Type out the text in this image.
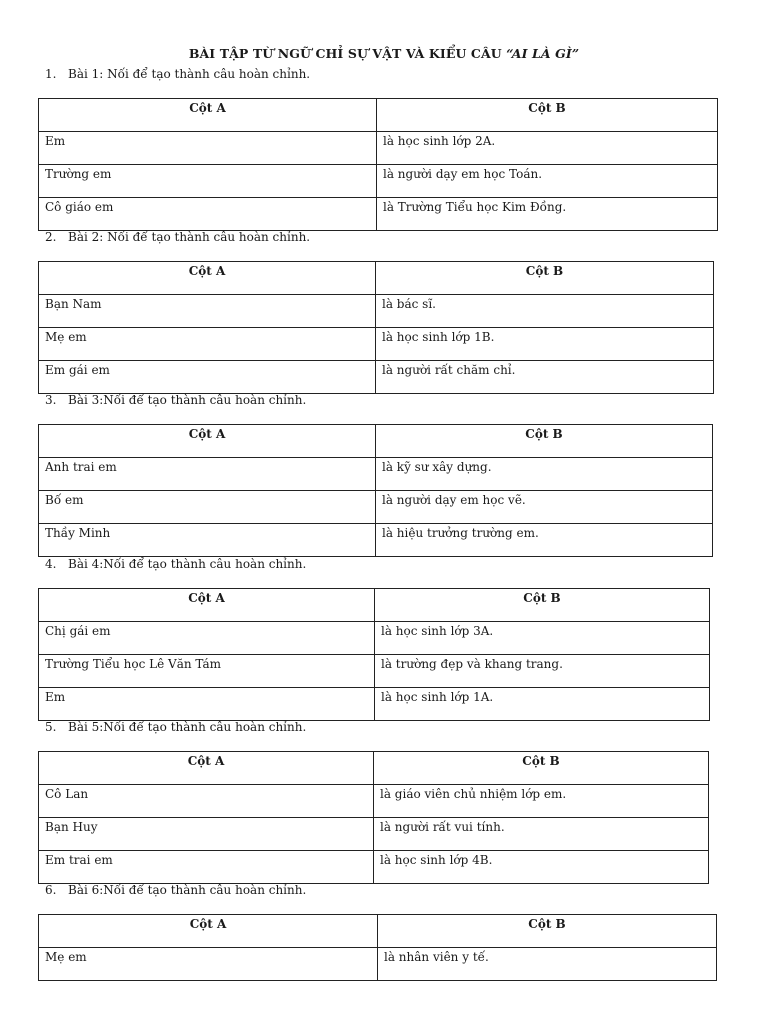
BÀI TẬP TỪ NGỮ CHỈ SỰ VẬT VÀ KIỂU CÂU “AI LÀ GÌ”
1. Bài 1: Nối để tạo thành câu hoàn chỉnh.
Cột A	Cột B
Em	là học sinh lớp 2A.
Trường em	là người dạy em học Toán.
Cô giáo em	là Trường Tiểu học Kim Đồng.
2. Bài 2: Nối để tạo thành câu hoàn chỉnh.
Cột A	Cột B
Bạn Nam	là bác sĩ.
Mẹ em	là học sinh lớp 1B.
Em gái em	là người rất chăm chỉ.
3. Bài 3:Nối để tạo thành câu hoàn chỉnh.
Cột A	Cột B
Anh trai em	là kỹ sư xây dựng.
Bố em	là người dạy em học vẽ.
Thầy Minh	là hiệu trưởng trường em.
4. Bài 4:Nối để tạo thành câu hoàn chỉnh.
Cột A	Cột B
Chị gái em	là học sinh lớp 3A.
Trường Tiểu học Lê Văn Tám	là trường đẹp và khang trang.
Em	là học sinh lớp 1A.
5. Bài 5:Nối để tạo thành câu hoàn chỉnh.
Cột A	Cột B
Cô Lan	là giáo viên chủ nhiệm lớp em.
Bạn Huy	là người rất vui tính.
Em trai em	là học sinh lớp 4B.
6. Bài 6:Nối để tạo thành câu hoàn chỉnh.
Cột A	Cột B
Mẹ em	là nhân viên y tế.
